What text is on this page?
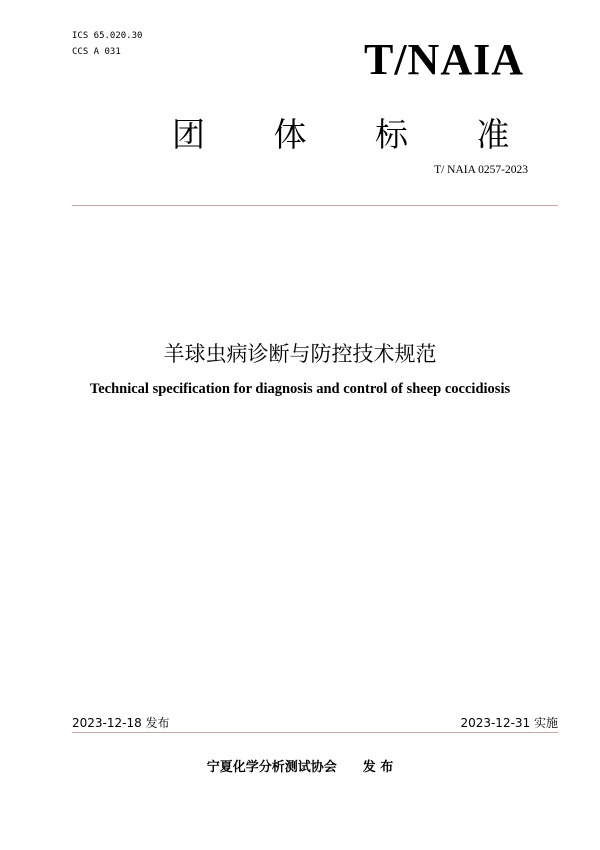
ICS 65.020.30
CCS A 031	T/NAIA
团 体 标 准
T/ NAIA 0257-2023
羊球虫病诊断与防控技术规范
Technical specification for diagnosis and control of sheep coccidiosis
2023-12-18 发布	2023-12-31 实施
宁夏化学分析测试协会 发 布
